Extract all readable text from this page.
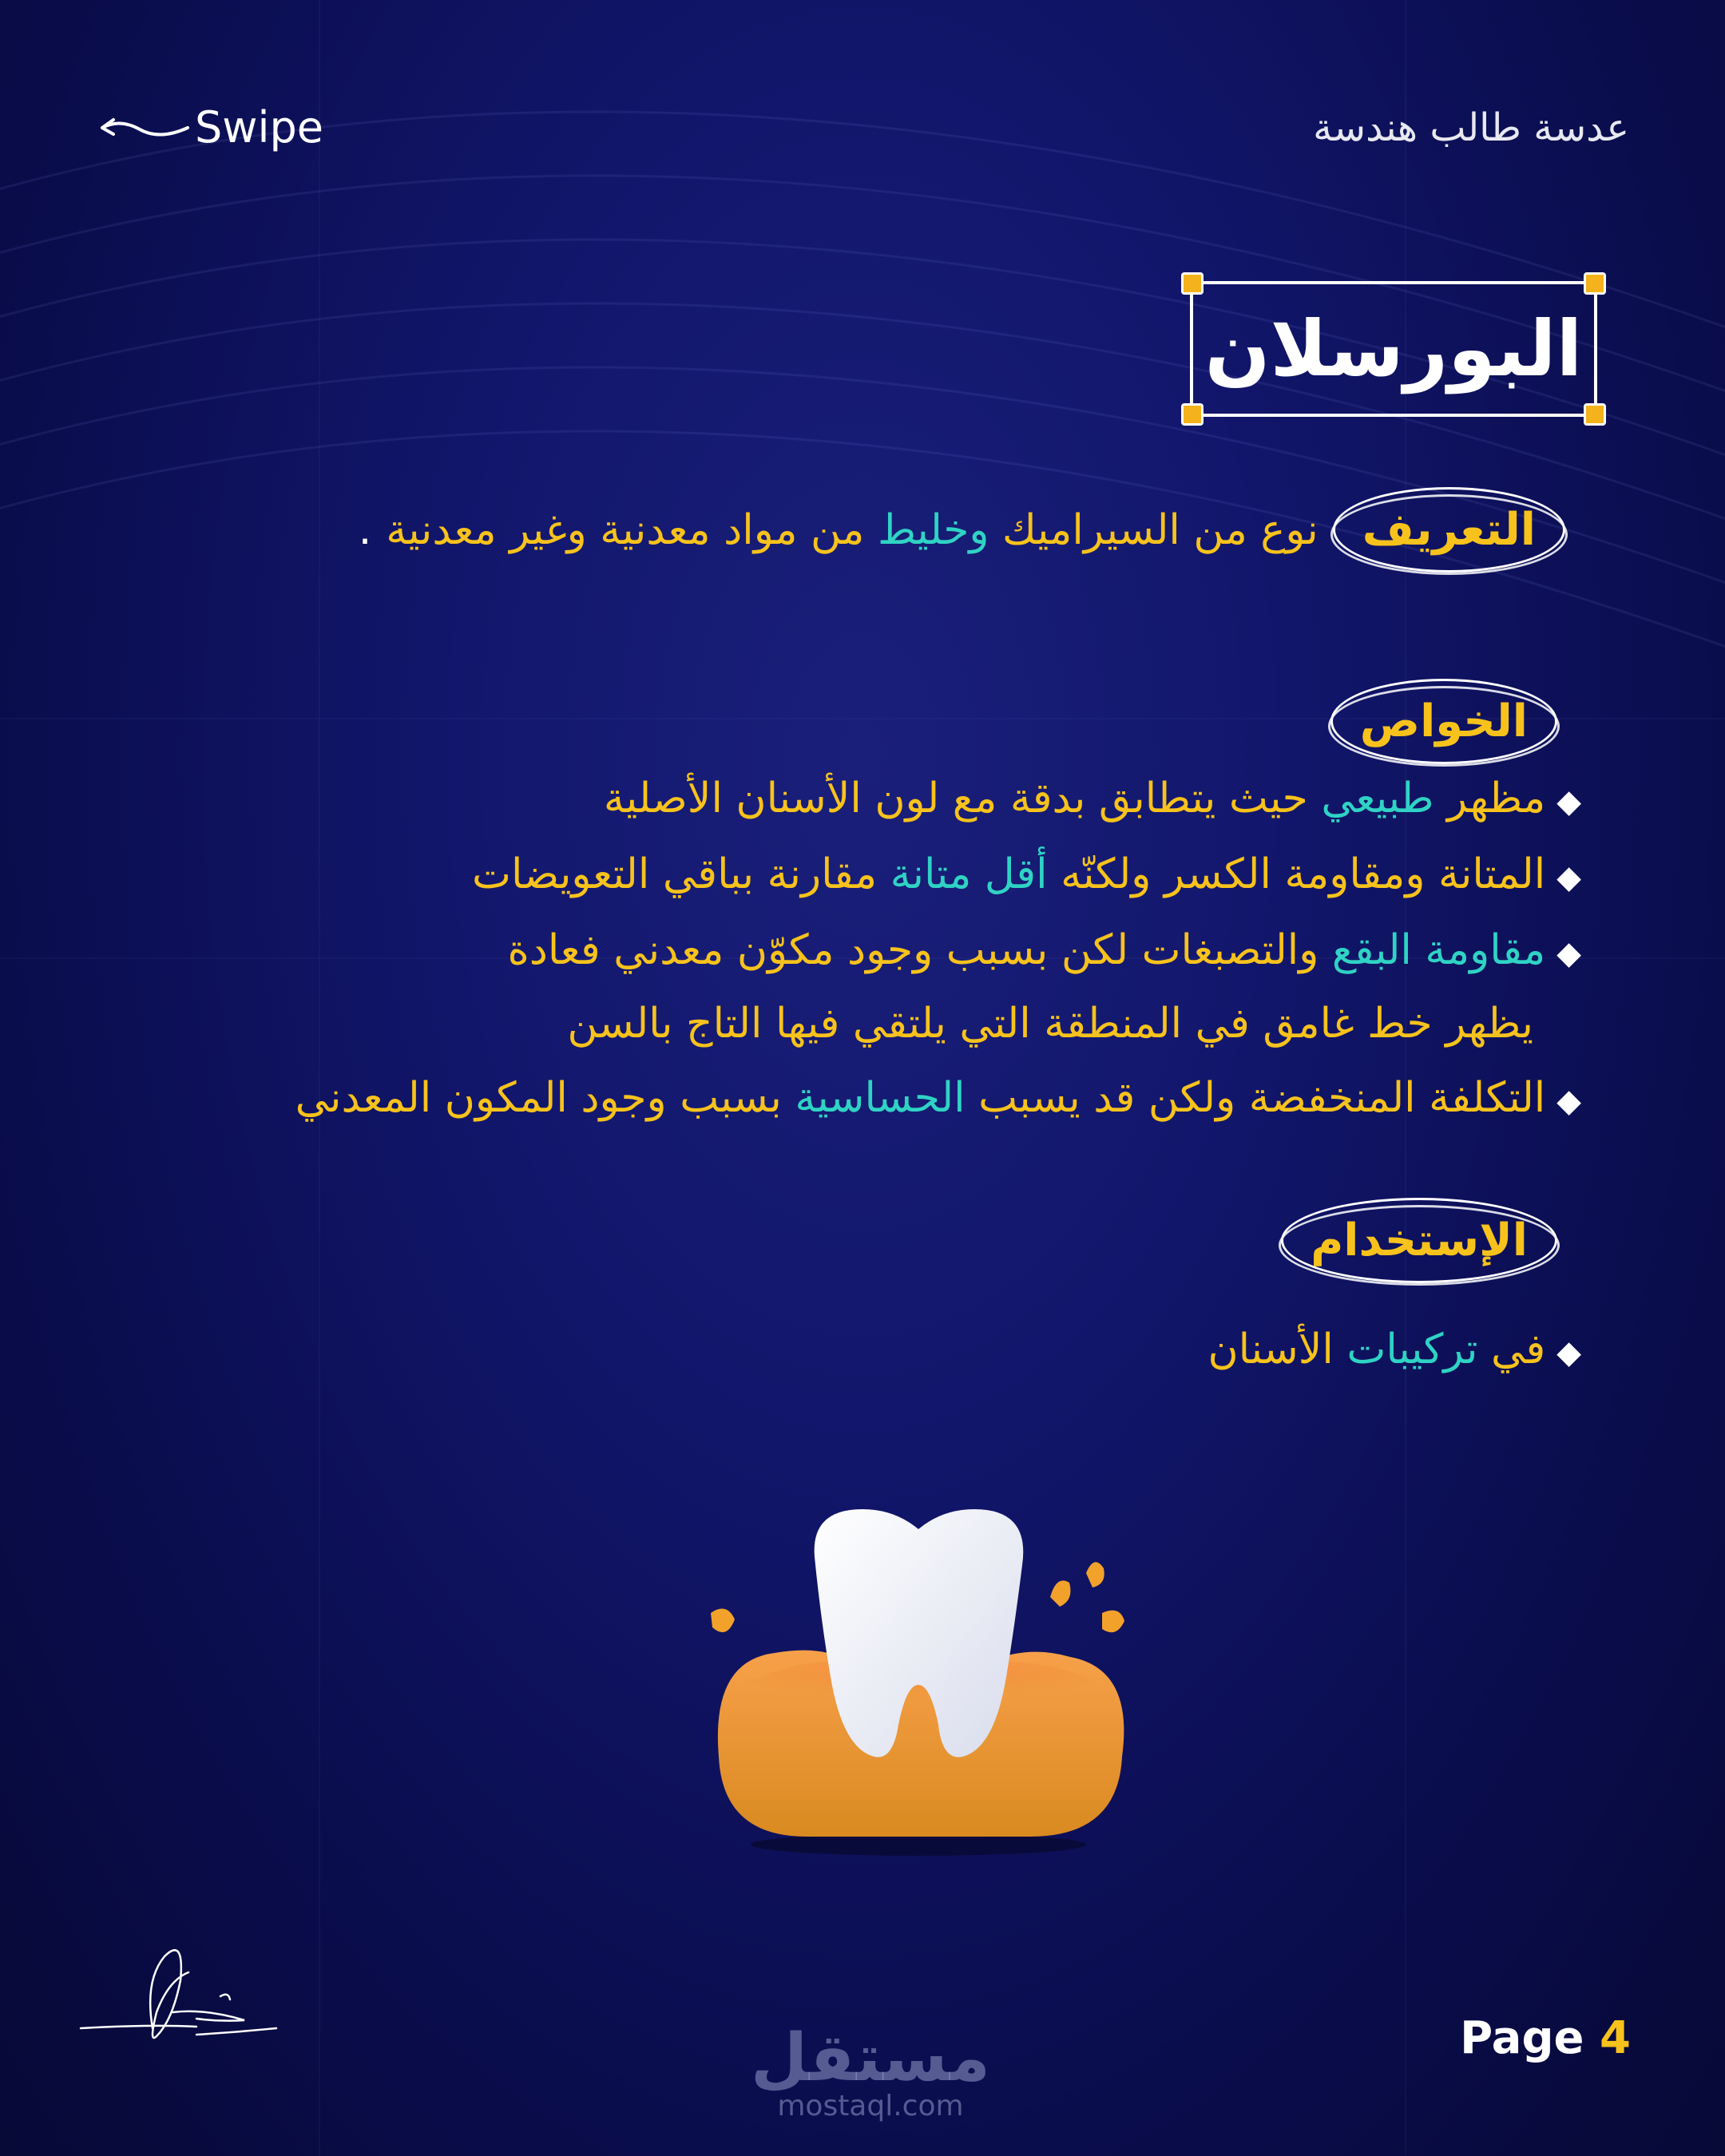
عدسة طالب هندسة
Swipe
البورسلان
التعريف
نوع من السيراميك وخليط من مواد معدنية وغير معدنية
.
الخواص
◆
مظهر طبيعي حيث يتطابق بدقة مع لون الأسنان الأصلية
◆
المتانة ومقاومة الكسر ولكنّه أقل متانة مقارنة بباقي التعويضات
◆
مقاومة البقع والتصبغات لكن بسبب وجود مكوّن معدني فعادة
يظهر خط غامق في المنطقة التي يلتقي فيها التاج بالسن
◆
التكلفة المنخفضة ولكن قد يسبب الحساسية بسبب وجود المكون المعدني
الإستخدام
◆
في تركيبات الأسنان
مستقل
mostaql.com
Page 4
